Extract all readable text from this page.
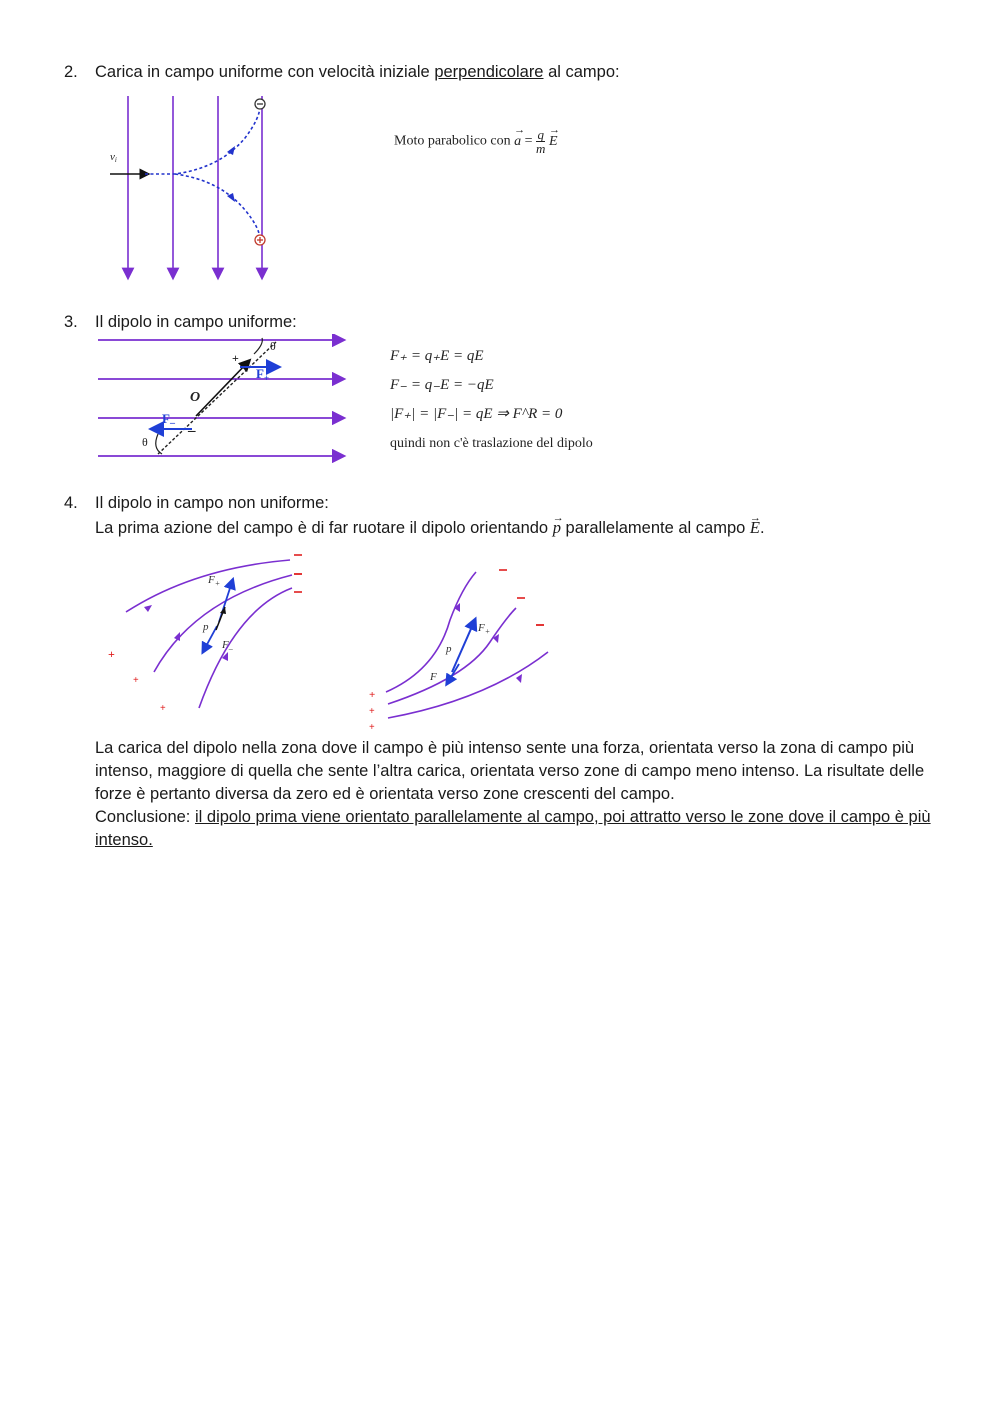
2. Carica in campo uniforme con velocità iniziale perpendicolare al campo:
vi
Moto parabolico con → $a = \frac{q}{m}$
→ E
3. Il dipolo in campo uniforme:
θ
θ
O
$F_+$
$F_-$
+
–
F₊ = q₊E = qE
F₋ = q₋E = −qE
|F₊| = |F₋| = qE ⇒ F^R = 0
quindi non c'è traslazione del dipolo
4. Il dipolo in campo non uniforme:
La prima azione del campo è di far ruotare il dipolo orientando → p parallelamente al campo → E.
$F_+$
p
$F_-$
+
+
+
$F_+$
p
F
+
+
+
La carica del dipolo nella zona dove il campo è più intenso sente una forza, orientata verso la zona di campo più intenso, maggiore di quella che sente l’altra carica, orientata verso zone di campo meno intenso. La risultate delle forze è pertanto diversa da zero ed è orientata verso zone crescenti del campo.
Conclusione: il dipolo prima viene orientato parallelamente al campo, poi attratto verso le zone dove il campo è più intenso.
